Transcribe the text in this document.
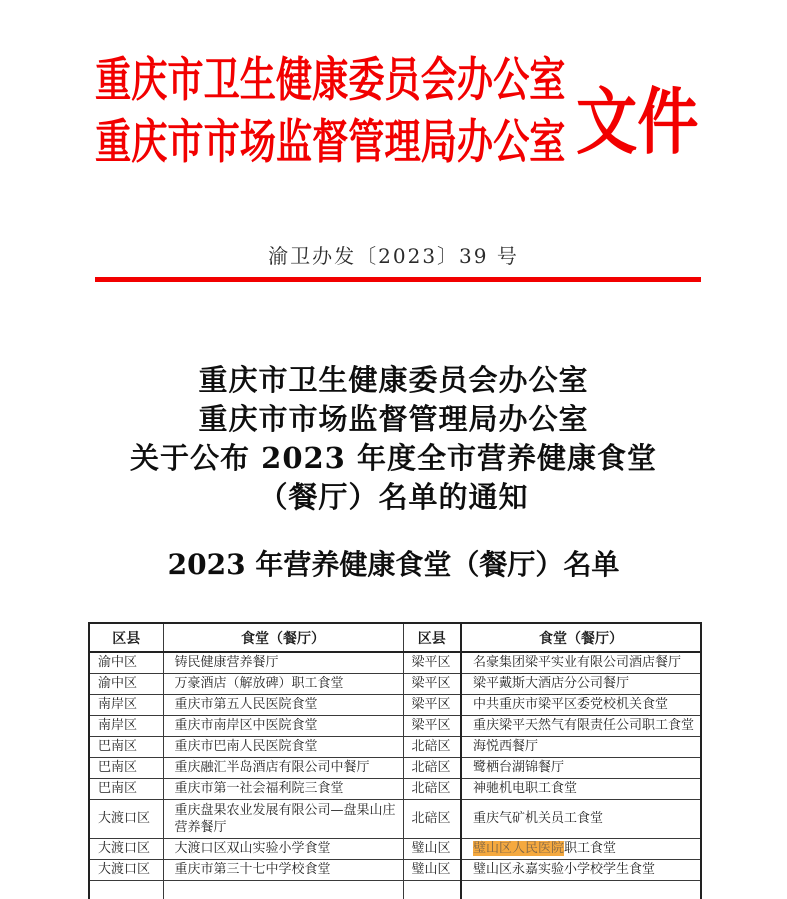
重庆市卫生健康委员会办公室
重庆市市场监督管理局办公室 文件
渝卫办发〔2023〕39 号
重庆市卫生健康委员会办公室
重庆市市场监督管理局办公室
关于公布 2023 年度全市营养健康食堂
（餐厅）名单的通知
2023 年营养健康食堂（餐厅）名单
区县	食堂（餐厅）	区县	食堂（餐厅）
渝中区	铸民健康营养餐厅	梁平区	名豪集团梁平实业有限公司酒店餐厅
渝中区	万豪酒店（解放碑）职工食堂	梁平区	梁平戴斯大酒店分公司餐厅
南岸区	重庆市第五人民医院食堂	梁平区	中共重庆市梁平区委党校机关食堂
南岸区	重庆市南岸区中医院食堂	梁平区	重庆梁平天然气有限责任公司职工食堂
巴南区	重庆市巴南人民医院食堂	北碚区	海悦西餐厅
巴南区	重庆融汇半岛酒店有限公司中餐厅	北碚区	鹭栖台湖锦餐厅
巴南区	重庆市第一社会福利院三食堂	北碚区	神驰机电职工食堂
大渡口区	重庆盘果农业发展有限公司—盘果山庄营养餐厅	北碚区	重庆气矿机关员工食堂
大渡口区	大渡口区双山实验小学食堂	璧山区	璧山区人民医院职工食堂
大渡口区	重庆市第三十七中学校食堂	璧山区	璧山区永嘉实验小学校学生食堂
